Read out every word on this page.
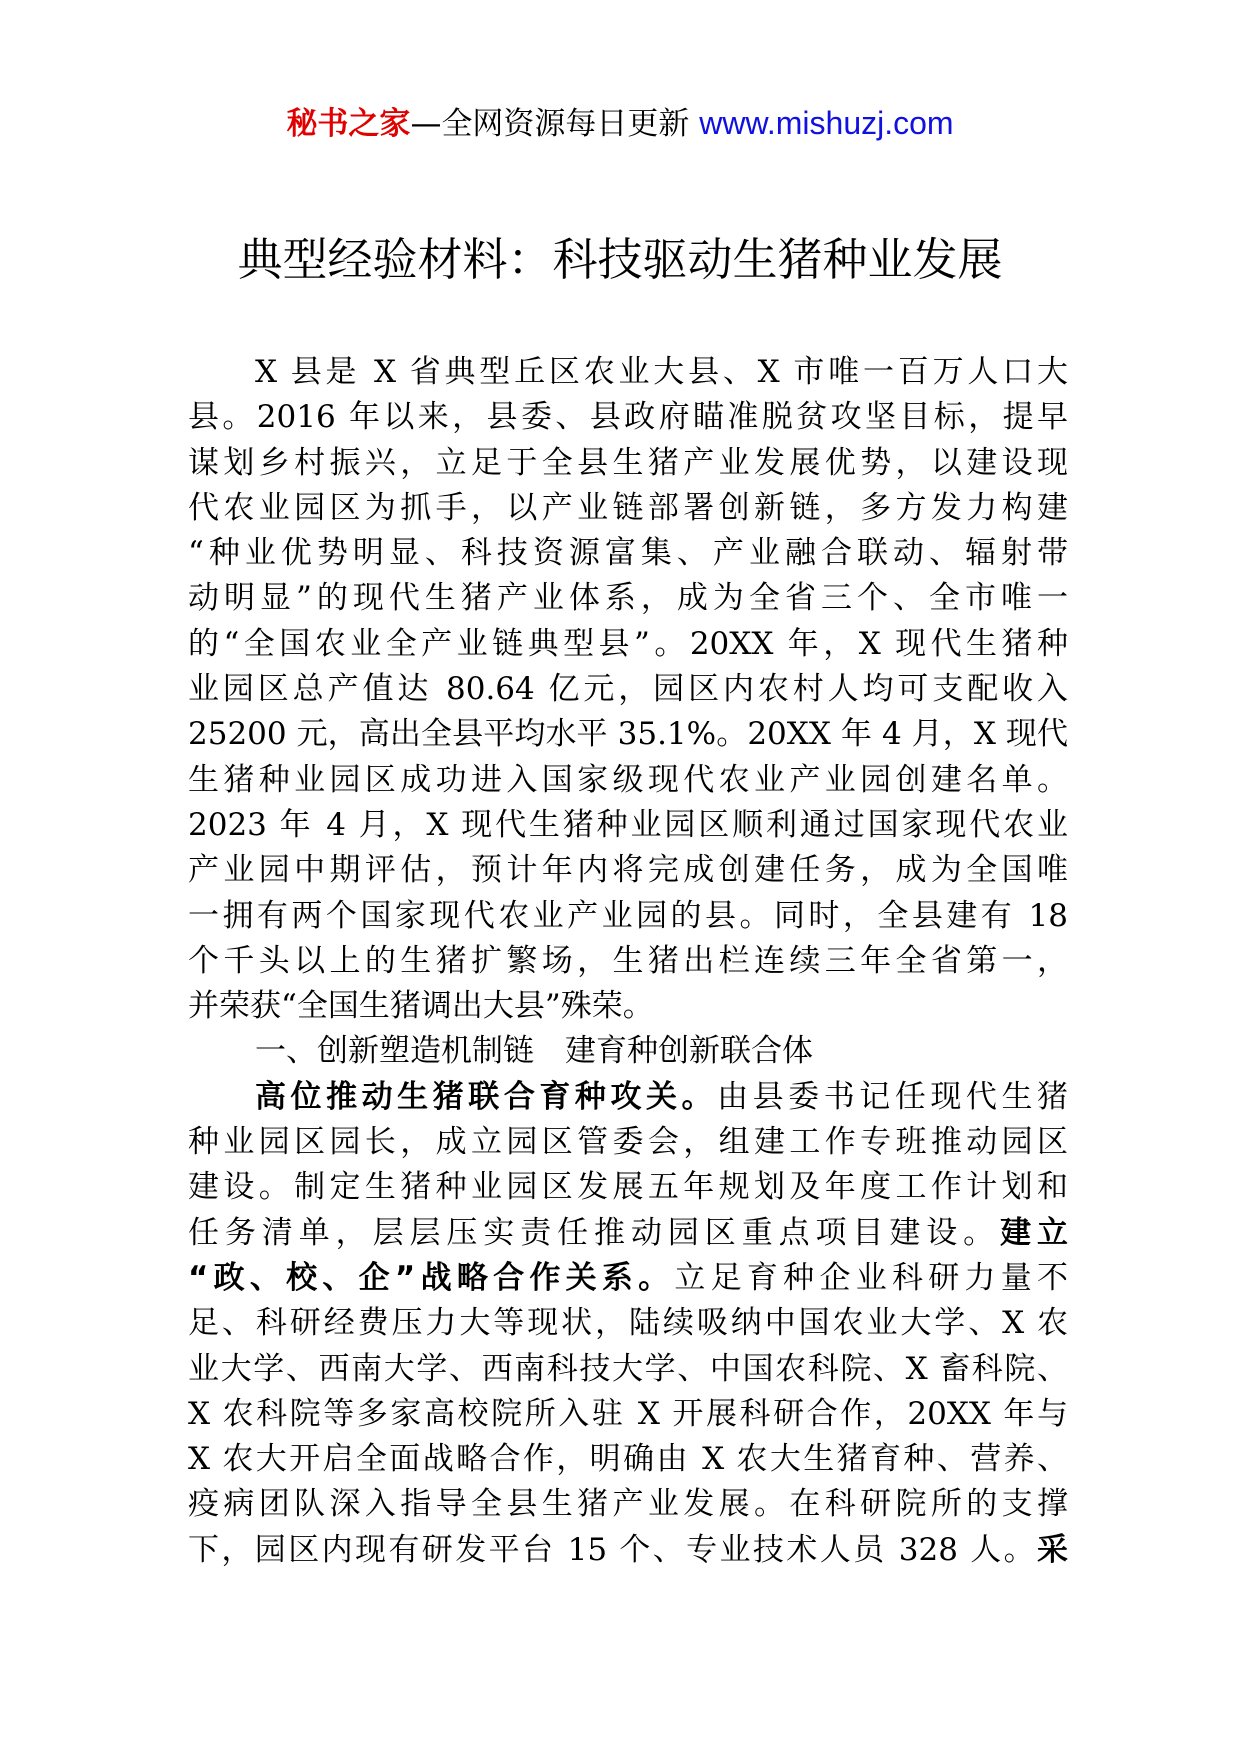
秘书之家—全网资源每日更新 www.mishuzj.com
典型经验材料：科技驱动生猪种业发展
X 县是 X 省典型丘区农业大县、X 市唯一百万人口大
县。2016 年以来，县委、县政府瞄准脱贫攻坚目标，提早
谋划乡村振兴，立足于全县生猪产业发展优势，以建设现
代农业园区为抓手，以产业链部署创新链，多方发力构建
“种业优势明显、科技资源富集、产业融合联动、辐射带
动明显”的现代生猪产业体系，成为全省三个、全市唯一
的“全国农业全产业链典型县”。20XX 年，X 现代生猪种
业园区总产值达 80.64 亿元，园区内农村人均可支配收入
25200 元，高出全县平均水平 35.1%。20XX 年 4 月，X 现代
生猪种业园区成功进入国家级现代农业产业园创建名单。
2023 年 4 月，X 现代生猪种业园区顺利通过国家现代农业
产业园中期评估，预计年内将完成创建任务，成为全国唯
一拥有两个国家现代农业产业园的县。同时，全县建有 18
个千头以上的生猪扩繁场，生猪出栏连续三年全省第一，
并荣获“全国生猪调出大县”殊荣。
一、创新塑造机制链　建育种创新联合体
高位推动生猪联合育种攻关。由县委书记任现代生猪
种业园区园长，成立园区管委会，组建工作专班推动园区
建设。制定生猪种业园区发展五年规划及年度工作计划和
任务清单，层层压实责任推动园区重点项目建设。建立
“政、校、企”战略合作关系。立足育种企业科研力量不
足、科研经费压力大等现状，陆续吸纳中国农业大学、X 农
业大学、西南大学、西南科技大学、中国农科院、X 畜科院、
X 农科院等多家高校院所入驻 X 开展科研合作，20XX 年与
X 农大开启全面战略合作，明确由 X 农大生猪育种、营养、
疫病团队深入指导全县生猪产业发展。在科研院所的支撑
下，园区内现有研发平台 15 个、专业技术人员 328 人。采
